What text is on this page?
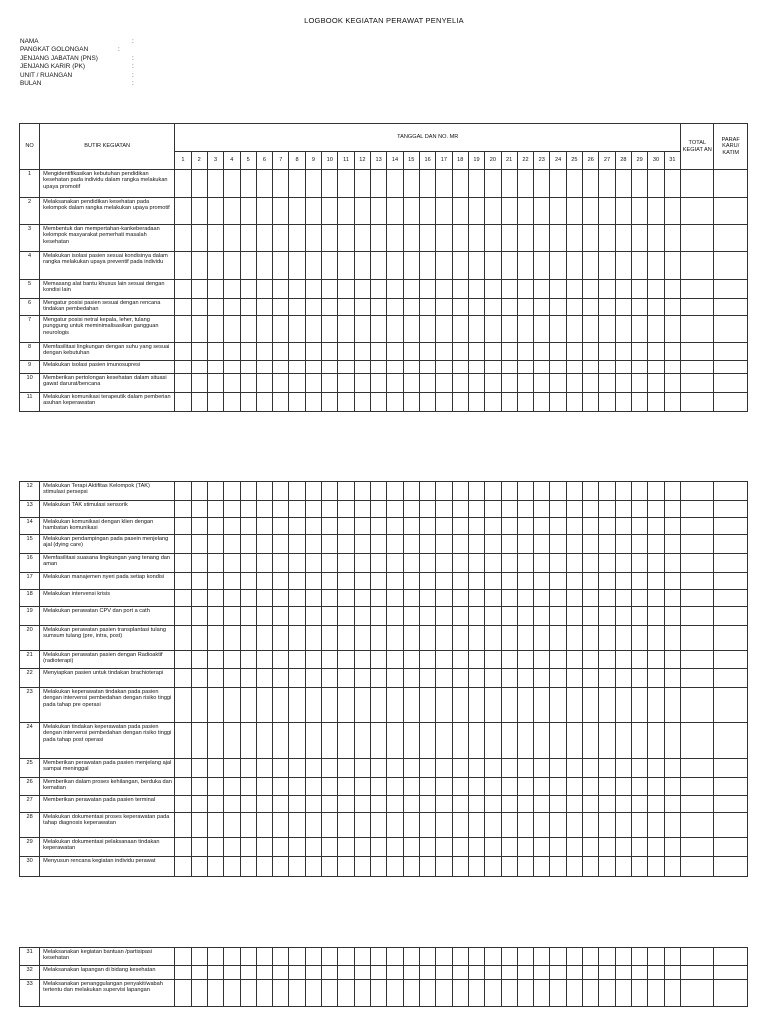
LOGBOOK KEGIATAN PERAWAT PENYELIA
NAMA	:
PANGKAT GOLONGAN	:
JENJANG JABATAN (PNS)	:
JENJANG KARIR (PK)	:
UNIT / RUANGAN	:
BULAN	:
NO	BUTIR KEGIATAN	TANGGAL DAN NO. MR																															TOTAL KEGIAT AN	PARAF KARU/ KATIM
		1	2	3	4	5	6	7	8	9	10	11	12	13	14	15	16	17	18	19	20	21	22	23	24	25	26	27	28	29	30	31		
1	Mengidentifikasikan kebutuhan pendidikan kesehatan pada individu dalam rangka melakukan upaya promotif																																	
2	Melaksanakan pendidikan kesehatan pada kelompok dalam rangka melakukan upaya promotif																																	
3	Membentuk dan mempertahan-kankeberadaan kelompok masyarakat pemerhati masalah kesehatan																																	
4	Melakukan isolasi pasien sesuai kondisinya dalam rangka melakukan upaya preventif pada individu																																	
5	Memasang alat bantu khusus lain sesuai dengan kondisi lain																																	
6	Mengatur posisi pasien sesuai dengan rencana tindakan pembedahan																																	
7	Mengatur posisi netral kepala, leher, tulang punggung untuk meminimalisasikan gangguan neurologis																																	
8	Memfasilitasi lingkungan dengan suhu yang sesuai dengan kebutuhan																																	
9	Melakukan isolasi pasien imunosupresi																																	
10	Memberikan pertolongan kesehatan dalam situasi gawat darurat/bencana																																	
11	Melakukan komunikasi terapeutik dalam pemberian asuhan keperawatan																																	
12	Melakukan Terapi Aktifitas Kelompok (TAK) stimulasi persepsi																																	
13	Melakukan TAK stimulasi sensorik																																	
14	Melakukan komunikasi dengan klien dengan hambatan komunikasi																																	
15	Melakukan pendampingan pada pasein menjelang ajal (dying care)																																	
16	Memfasilitasi suasana lingkungan yang tenang dan aman																																	
17	Melakukan manajemen nyeri pada setiap kondisi																																	
18	Melakukan intervensi krisis																																	
19	Melakukan perawatan CPV dan port a cath																																	
20	Melakukan perawatan pasien transplantasi tulang sumsum tulang (pre, intra, post)																																	
21	Melakukan perawatan pasien dengan Radioaktif (radioterapi)																																	
22	Menyiapkan pasien untuk tindakan brachioterapi																																	
23	Melakukan keperawatan tindakan pada pasien dengan intervensi pembedahan dengan risiko tinggi pada tahap pre operasi																																	
24	Melakukan tindakan keperawatan pada pasien dengan intervensi pembedahan dengan risiko tinggi pada tahap post operasi																																	
25	Memberikan perawatan pada pasien menjelang ajal sampai meninggal																																	
26	Memberikan dalam proses kehilangan, berduka dan kematian																																	
27	Memberikan perawatan pada pasien terminal																																	
28	Melakukan dokumentasi proses keperawatan pada tahap diagnosis keperawatan																																	
29	Melakukan dokumentasi pelaksanaan tindakan keperawatan																																	
30	Menyusun rencana kegiatan individu perawat																																	
31	Melaksanakan kegiatan bantuan /partisipasi kesehatan																																	
32	Melaksanakan lapangan di bidang kesehatan																																	
33	Melaksanakan penanggulangan penyakit/wabah tertentu dan melakukan supervisi lapangan																																	
